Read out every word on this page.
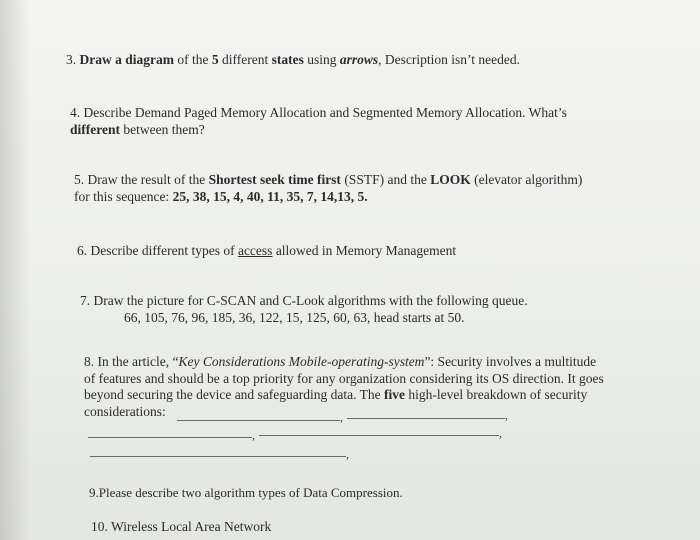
3. Draw a diagram of the 5 different states using arrows, Description isn’t needed.
4. Describe Demand Paged Memory Allocation and Segmented Memory Allocation. What’s
different between them?
5. Draw the result of the Shortest seek time first (SSTF) and the LOOK (elevator algorithm)
for this sequence: 25, 38, 15, 4, 40, 11, 35, 7, 14,13, 5.
6. Describe different types of access allowed in Memory Management
7. Draw the picture for C-SCAN and C-Look algorithms with the following queue.
66, 105, 76, 96, 185, 36, 122, 15, 125, 60, 63, head starts at 50.
8. In the article, “Key Considerations Mobile-operating-system”: Security involves a multitude
of features and should be a top priority for any organization considering its OS direction. It goes
beyond securing the device and safeguarding data. The five high-level breakdown of security
considerations:	,	,
,	,
,
9.Please describe two algorithm types of Data Compression.
10. Wireless Local Area Network
